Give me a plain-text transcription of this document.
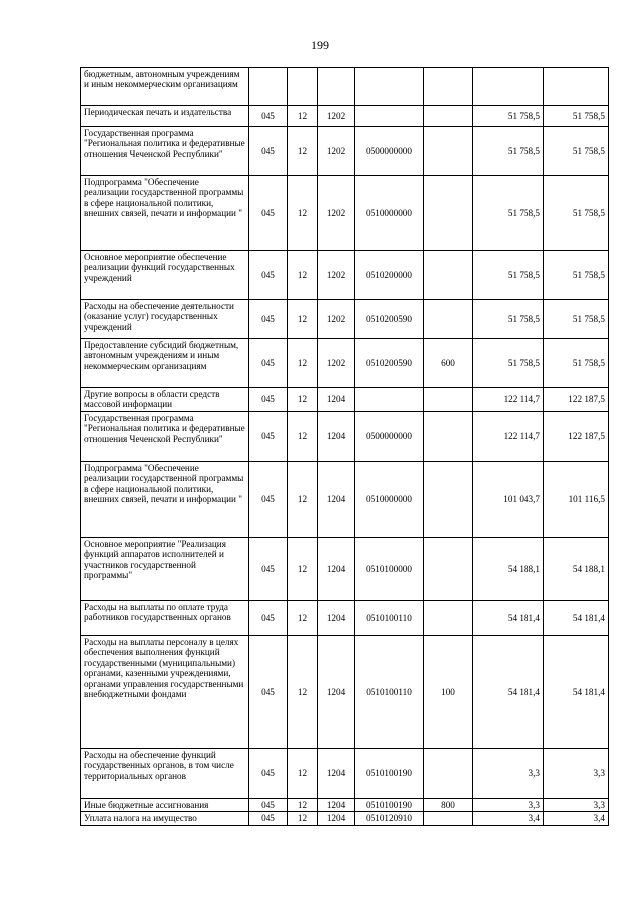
199
бюджетным, автономным учреждениям и иным некоммерческим организациям							
Периодическая печать и издательства	045	12	1202			51 758,5	51 758,5
Государственная программа "Региональная политика и федеративные отношения Чеченской Республики"	045	12	1202	0500000000		51 758,5	51 758,5
Подпрограмма "Обеспечение реализации государственной программы в сфере национальной политики, внешних связей, печати и информации "	045	12	1202	0510000000		51 758,5	51 758,5
Основное мероприятие обеспечение реализации функций государственных учреждений	045	12	1202	0510200000		51 758,5	51 758,5
Расходы на обеспечение деятельности (оказание услуг) государственных учреждений	045	12	1202	0510200590		51 758,5	51 758,5
Предоставление субсидий бюджетным, автономным учреждениям и иным некоммерческим организациям	045	12	1202	0510200590	600	51 758,5	51 758,5
Другие вопросы в области средств массовой информации	045	12	1204			122 114,7	122 187,5
Государственная программа "Региональная политика и федеративные отношения Чеченской Республики"	045	12	1204	0500000000		122 114,7	122 187,5
Подпрограмма "Обеспечение реализации государственной программы в сфере национальной политики, внешних связей, печати и информации "	045	12	1204	0510000000		101 043,7	101 116,5
Основное мероприятие "Реализация функций аппаратов исполнителей и участников государственной программы"	045	12	1204	0510100000		54 188,1	54 188,1
Расходы на выплаты по оплате труда работников государственных органов	045	12	1204	0510100110		54 181,4	54 181,4
Расходы на выплаты персоналу в целях обеспечения выполнения функций государственными (муниципальными) органами, казенными учреждениями, органами управления государственными внебюджетными фондами	045	12	1204	0510100110	100	54 181,4	54 181,4
Расходы на обеспечение функций государственных органов, в том числе территориальных органов	045	12	1204	0510100190		3,3	3,3
Иные бюджетные ассигнования	045	12	1204	0510100190	800	3,3	3,3
Уплата налога на имущество	045	12	1204	0510120910		3,4	3,4
